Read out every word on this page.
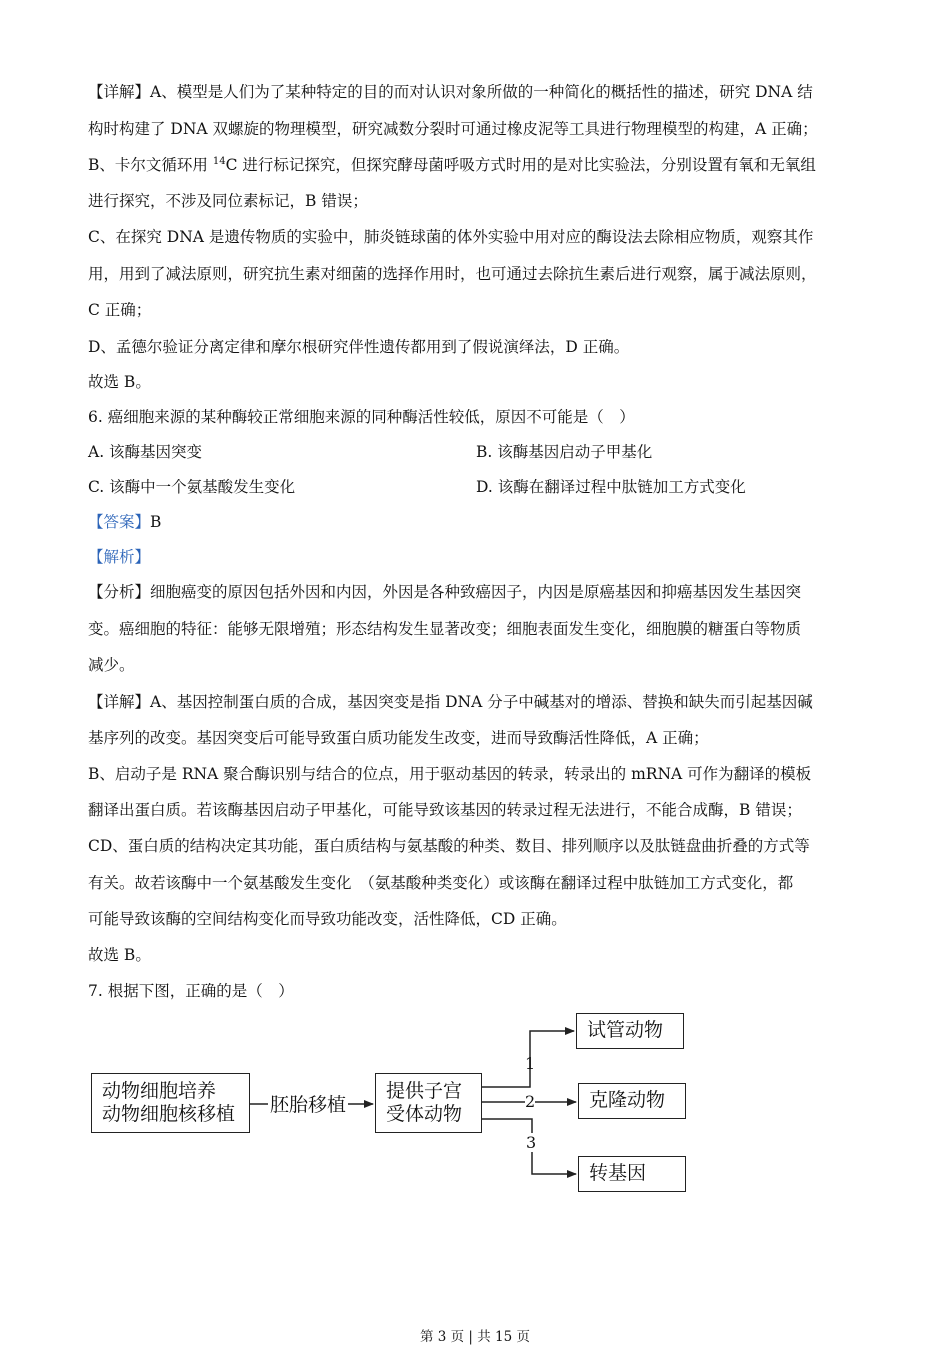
【详解】A、模型是人们为了某种特定的目的而对认识对象所做的一种简化的概括性的描述，研究 DNA 结
构时构建了 DNA 双螺旋的物理模型，研究减数分裂时可通过橡皮泥等工具进行物理模型的构建，A 正确；
B、卡尔文循环用 $^{14}$C 进行标记探究，但探究酵母菌呼吸方式时用的是对比实验法，分别设置有氧和无氧组
进行探究，不涉及同位素标记，B 错误；
C、在探究 DNA 是遗传物质的实验中，肺炎链球菌的体外实验中用对应的酶设法去除相应物质，观察其作
用，用到了减法原则，研究抗生素对细菌的选择作用时，也可通过去除抗生素后进行观察，属于减法原则，
C 正确；
D、孟德尔验证分离定律和摩尔根研究伴性遗传都用到了假说演绎法，D 正确。
故选 B。
6. 癌细胞来源的某种酶较正常细胞来源的同种酶活性较低，原因不可能是（　）
A. 该酶基因突变	B. 该酶基因启动子甲基化
C. 该酶中一个氨基酸发生变化	D. 该酶在翻译过程中肽链加工方式变化
【答案】B
【解析】
【分析】细胞癌变的原因包括外因和内因，外因是各种致癌因子，内因是原癌基因和抑癌基因发生基因突
变。癌细胞的特征：能够无限增殖；形态结构发生显著改变；细胞表面发生变化，细胞膜的糖蛋白等物质
减少。
【详解】A、基因控制蛋白质的合成，基因突变是指 DNA 分子中碱基对的增添、替换和缺失而引起基因碱
基序列的改变。基因突变后可能导致蛋白质功能发生改变，进而导致酶活性降低，A 正确；
B、启动子是 RNA 聚合酶识别与结合的位点，用于驱动基因的转录，转录出的 mRNA 可作为翻译的模板
翻译出蛋白质。若该酶基因启动子甲基化，可能导致该基因的转录过程无法进行，不能合成酶，B 错误；
CD、蛋白质的结构决定其功能，蛋白质结构与氨基酸的种类、数目、排列顺序以及肽链盘曲折叠的方式等
有关。故若该酶中一个氨基酸发生变化　（氨基酸种类变化）或该酶在翻译过程中肽链加工方式变化，都
可能导致该酶的空间结构变化而导致功能改变，活性降低，CD 正确。
故选 B。
7. 根据下图，正确的是（　）
动物细胞培养
动物细胞核移植	胚胎移植
提供子宫
受体动物
1
2
3
试管动物
克隆动物
转基因
第 3 页 | 共 15 页
